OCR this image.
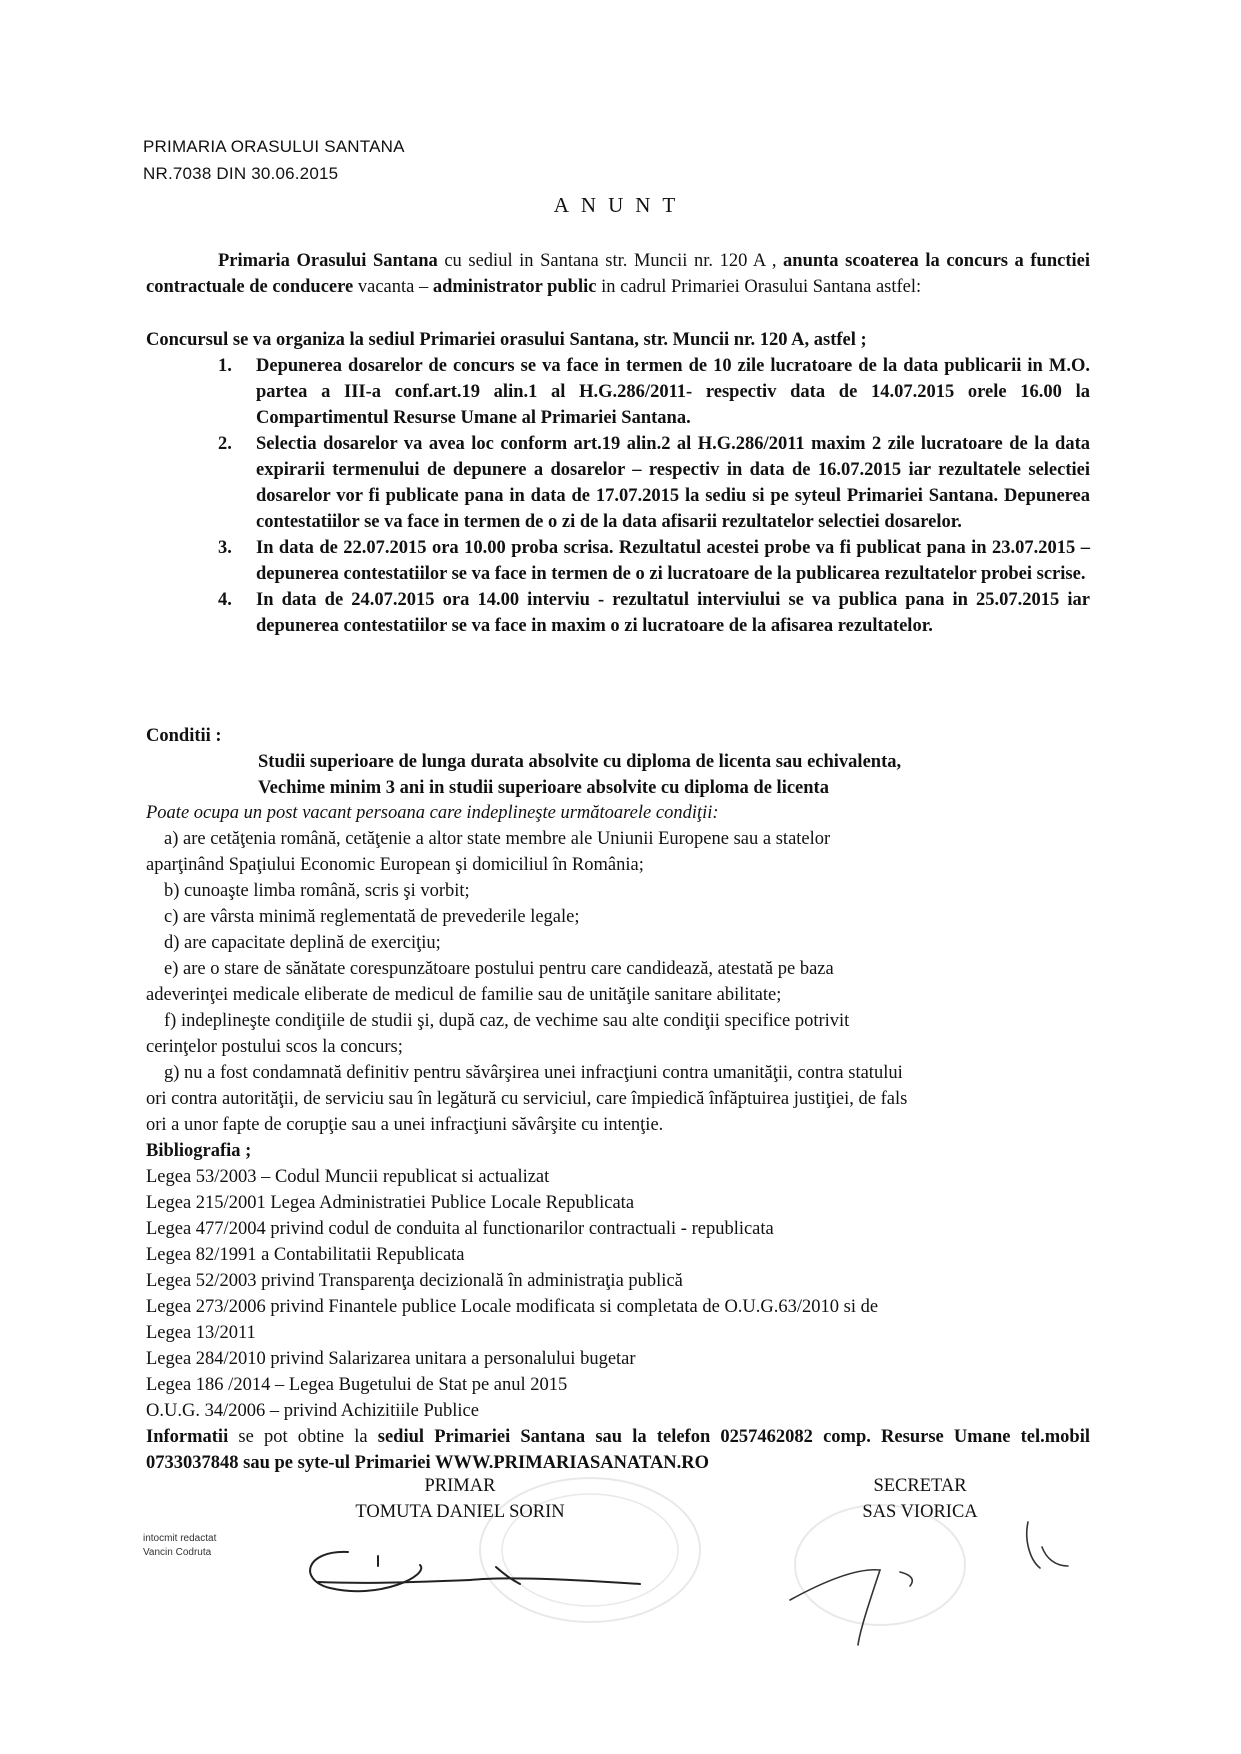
PRIMARIA ORASULUI SANTANA
NR.7038 DIN 30.06.2015
ANUNT
Primaria Orasului Santana cu sediul in Santana str. Muncii nr. 120 A , anunta scoaterea la concurs a functiei contractuale de conducere vacanta – administrator public in cadrul Primariei Orasului Santana astfel:
Concursul se va organiza la sediul Primariei orasului Santana, str. Muncii nr. 120 A, astfel ;
1.	Depunerea dosarelor de concurs se va face in termen de 10 zile lucratoare de la data publicarii in M.O. partea a III-a conf.art.19 alin.1 al H.G.286/2011- respectiv data de 14.07.2015 orele 16.00 la Compartimentul Resurse Umane al Primariei Santana.
2.	Selectia dosarelor va avea loc conform art.19 alin.2 al H.G.286/2011 maxim 2 zile lucratoare de la data expirarii termenului de depunere a dosarelor – respectiv in data de 16.07.2015 iar rezultatele selectiei dosarelor vor fi publicate pana in data de 17.07.2015 la sediu si pe syteul Primariei Santana. Depunerea contestatiilor se va face in termen de o zi de la data afisarii rezultatelor selectiei dosarelor.
3.	In data de 22.07.2015 ora 10.00 proba scrisa. Rezultatul acestei probe va fi publicat pana in 23.07.2015 – depunerea contestatiilor se va face in termen de o zi lucratoare de la publicarea rezultatelor probei scrise.
4.	In data de 24.07.2015 ora 14.00 interviu - rezultatul interviului se va publica pana in 25.07.2015 iar depunerea contestatiilor se va face in maxim o zi lucratoare de la afisarea rezultatelor.
Conditii :
Studii superioare de lunga durata absolvite cu diploma de licenta sau echivalenta,
Vechime minim 3 ani in studii superioare absolvite cu diploma de licenta
Poate ocupa un post vacant persoana care indeplineşte următoarele condiţii:
a) are cetăţenia română, cetăţenie a altor state membre ale Uniunii Europene sau a statelor
aparţinând Spaţiului Economic European şi domiciliul în România;
b) cunoaşte limba română, scris şi vorbit;
c) are vârsta minimă reglementată de prevederile legale;
d) are capacitate deplină de exerciţiu;
e) are o stare de sănătate corespunzătoare postului pentru care candidează, atestată pe baza
adeverinţei medicale eliberate de medicul de familie sau de unităţile sanitare abilitate;
f) indeplineşte condiţiile de studii şi, după caz, de vechime sau alte condiţii specifice potrivit
cerinţelor postului scos la concurs;
g) nu a fost condamnată definitiv pentru săvârşirea unei infracţiuni contra umanităţii, contra statului
ori contra autorităţii, de serviciu sau în legătură cu serviciul, care împiedică înfăptuirea justiţiei, de fals
ori a unor fapte de corupţie sau a unei infracţiuni săvârşite cu intenţie.
Bibliografia ;
Legea 53/2003 – Codul Muncii republicat si actualizat
Legea 215/2001 Legea Administratiei Publice Locale Republicata
Legea 477/2004 privind codul de conduita al functionarilor contractuali - republicata
Legea 82/1991 a Contabilitatii Republicata
Legea 52/2003 privind Transparenţa decizională în administraţia publică
Legea 273/2006 privind Finantele publice Locale modificata si completata de O.U.G.63/2010 si de
Legea 13/2011
Legea 284/2010 privind Salarizarea unitara a personalului bugetar
Legea 186 /2014 – Legea Bugetului de Stat pe anul 2015
O.U.G. 34/2006 – privind Achizitiile Publice
Informatii se pot obtine la sediul Primariei Santana sau la telefon 0257462082 comp. Resurse Umane tel.mobil 0733037848 sau pe syte-ul Primariei WWW.PRIMARIASANATAN.RO
PRIMAR
TOMUTA DANIEL SORIN
SECRETAR
SAS VIORICA
intocmit redactat
Vancin Codruta
